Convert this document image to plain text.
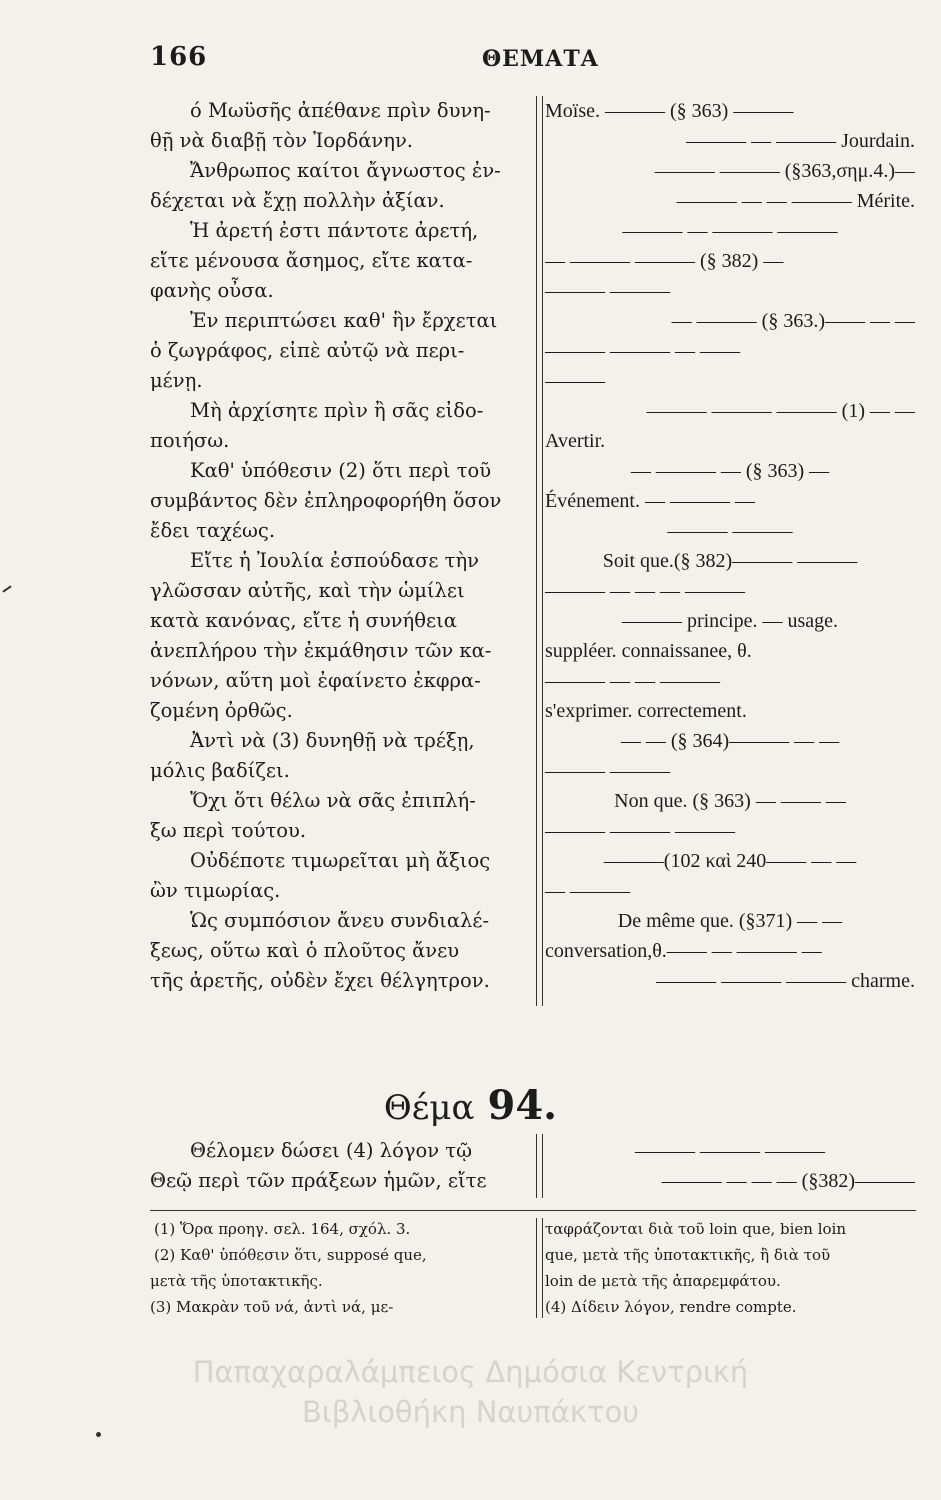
166	ΘΕΜΑΤΑ

ό Μωϋσῆς ἀπέθανε πρὶν δυνη-

θῇ νὰ διαβῇ τὸν Ἰορδάνην.

Ἄνθρωπος καίτοι ἄγνωστος ἐν-

δέχεται νὰ ἔχῃ πολλὴν ἀξίαν.

Ἡ ἀρετή ἐστι πάντοτε ἀρετή,

εἴτε μένουσα ἄσημος, εἴτε κατα-

φανὴς οὖσα.

Ἐν περιπτώσει καθ' ἣν ἔρχεται

ὁ ζωγράφος, εἰπὲ αὐτῷ νὰ περι-

μένῃ.

Μὴ ἀρχίσητε πρὶν ἢ σᾶς εἰδο-

ποιήσω.

Καθ' ὑπόθεσιν (2) ὅτι περὶ τοῦ

συμβάντος δὲν ἐπληροφορήθη ὅσον

ἔδει ταχέως.

Εἴτε ἡ Ἰουλία ἐσπούδασε τὴν

γλῶσσαν αὐτῆς, καὶ τὴν ὡμίλει

κατὰ κανόνας, εἴτε ἡ συνήθεια

ἀνεπλήρου τὴν ἐκμάθησιν τῶν κα-

νόνων, αὕτη μοὶ ἐφαίνετο ἐκφρα-

ζομένη ὀρθῶς.

Ἀντὶ νὰ (3) δυνηθῇ νὰ τρέξῃ,

μόλις βαδίζει.

Ὄχι ὅτι θέλω νὰ σᾶς ἐπιπλή-

ξω περὶ τούτου.

Οὐδέποτε τιμωρεῖται μὴ ἄξιος

ὢν τιμωρίας.

Ὡς συμπόσιον ἄνευ συνδιαλέ-

ξεως, οὕτω καὶ ὁ πλοῦτος ἄνευ

τῆς ἀρετῆς, οὐδὲν ἔχει θέλγητρον.

Moïse. ——— (§ 363) ———

——— — ——— Jourdain.

——— ——— (§363,σημ.4.)—

——— — — ——— Mérite.

——— — ——— ———

— ——— ——— (§ 382) —

——— ———

— ——— (§ 363.)—— — —

——— ——— — ——

———

——— ——— ——— (1) — —

Avertir.

— ——— — (§ 363) —

Événement. — ——— —

——— ———

Soit que.(§ 382)——— ———

——— — — — ———

——— principe. — usage.

suppléer. connaissanee, θ.

——— — — ———

s'exprimer. correctement.

— — (§ 364)——— — —

——— ———

Non que. (§ 363) — —— —

——— ——— ———

———(102 καὶ 240—— — —

— ———

De même que. (§371) — —

conversation,θ.—— — ——— —

——— ——— ——— charme.

Θέμα 94.

Θέλομεν δώσει (4) λόγον τῷ

Θεῷ περὶ τῶν πράξεων ἡμῶν, εἴτε

——— ——— ———

——— — — — (§382)———

(1) Ὅρα προηγ. σελ. 164, σχόλ. 3.

(2) Καθ' ὑπόθεσιν ὅτι, supposé que,

μετὰ τῆς ὑποτακτικῆς.

(3) Μακρὰν τοῦ νά, ἀντὶ νά, με-

ταφράζονται διὰ τοῦ loin que, bien loin

que, μετὰ τῆς ὑποτακτικῆς, ἢ διὰ τοῦ

loin de μετὰ τῆς ἀπαρεμφάτου.

(4) Δίδειν λόγον, rendre compte.

Παπαχαραλάμπειος Δημόσια Κεντρική

Βιβλιοθήκη Ναυπάκτου
